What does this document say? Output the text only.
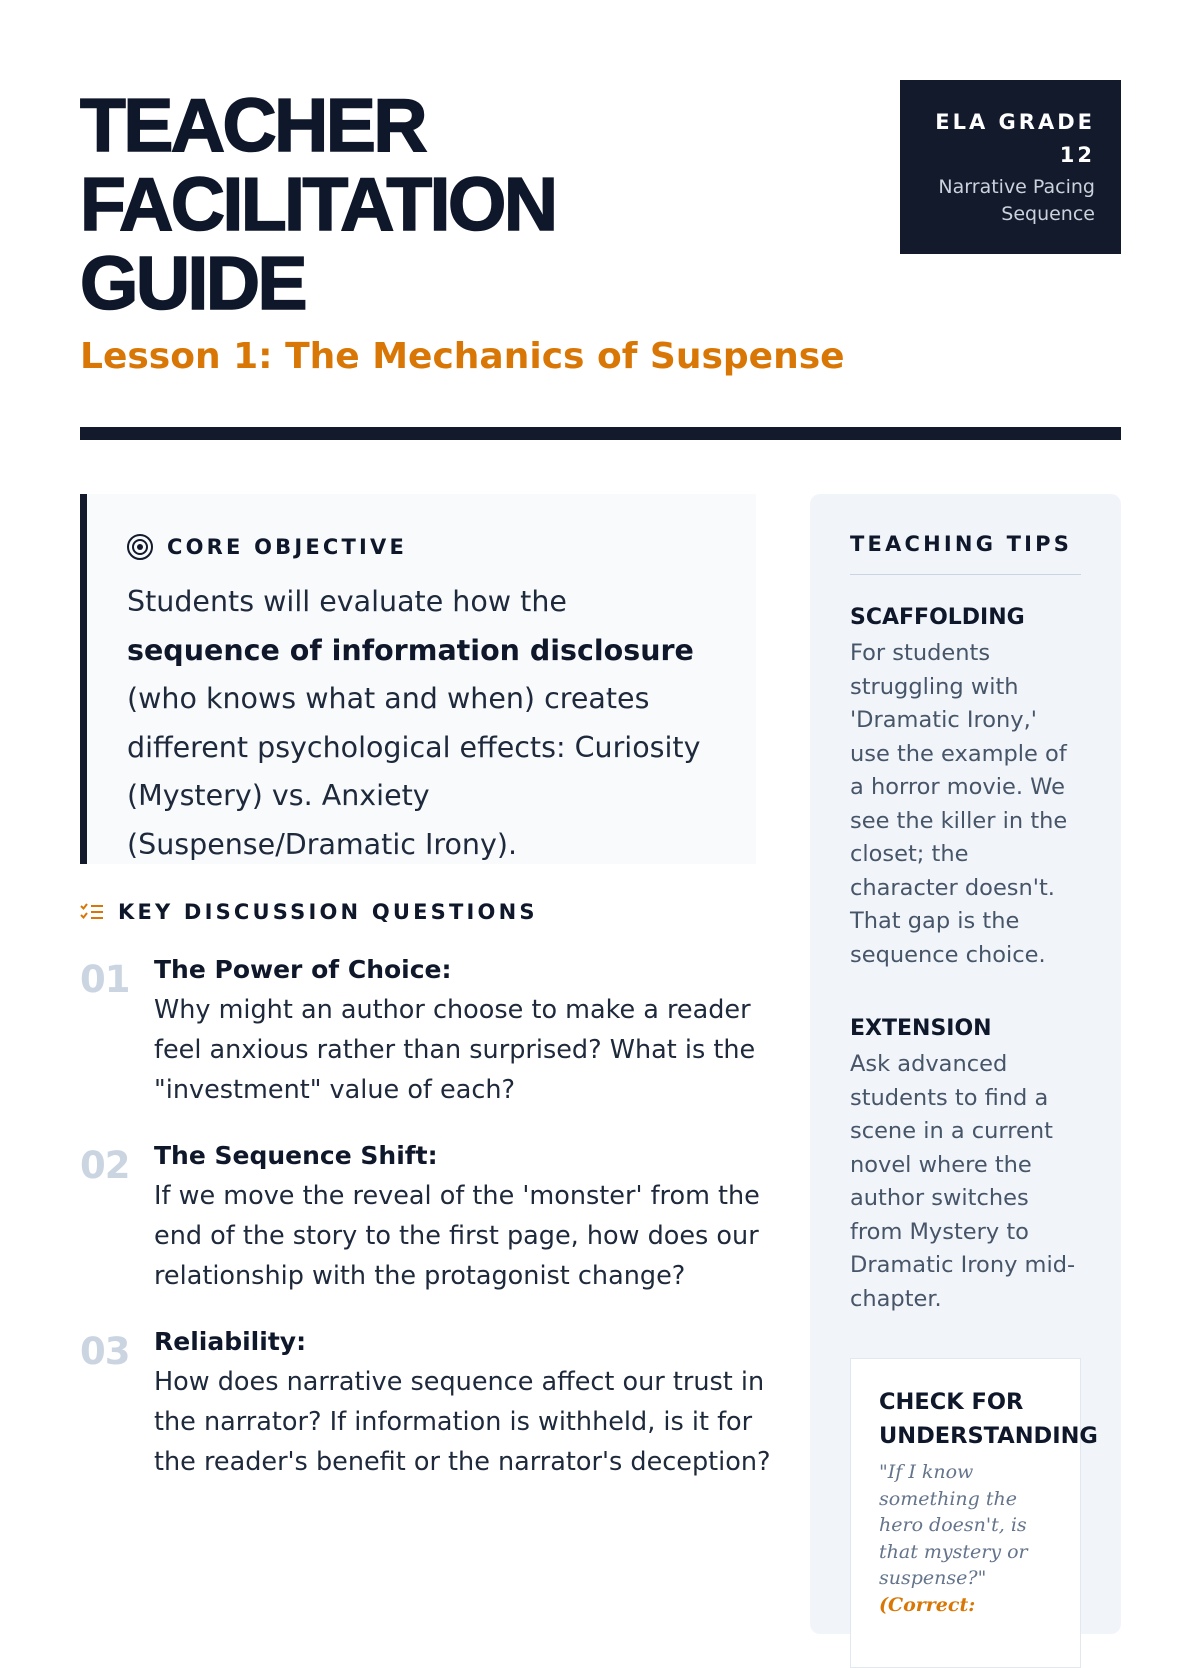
TEACHER
FACILITATION
GUIDE
ELA GRADE
12
Narrative Pacing
Sequence
Lesson 1: The Mechanics of Suspense
CORE OBJECTIVE

Students will evaluate how the sequence of information disclosure (who knows what and when) creates different psychological effects: Curiosity (Mystery) vs. Anxiety (Suspense/Dramatic Irony).

KEY DISCUSSION QUESTIONS
01 The Power of Choice:
Why might an author choose to make a reader feel anxious rather than surprised? What is the "investment" value of each?
02 The Sequence Shift:
If we move the reveal of the 'monster' from the end of the story to the first page, how does our relationship with the protagonist change?
03 Reliability:
How does narrative sequence affect our trust in the narrator? If information is withheld, is it for the reader's benefit or the narrator's deception?
TEACHING TIPS
SCAFFOLDING
For students struggling with 'Dramatic Irony,' use the example of a horror movie. We see the killer in the closet; the character doesn't. That gap is the sequence choice.
EXTENSION
Ask advanced students to find a scene in a current novel where the author switches from Mystery to Dramatic Irony mid-chapter.
CHECK FOR
UNDERSTANDING
"If I know something the hero doesn't, is that mystery or suspense?"
(Correct:
